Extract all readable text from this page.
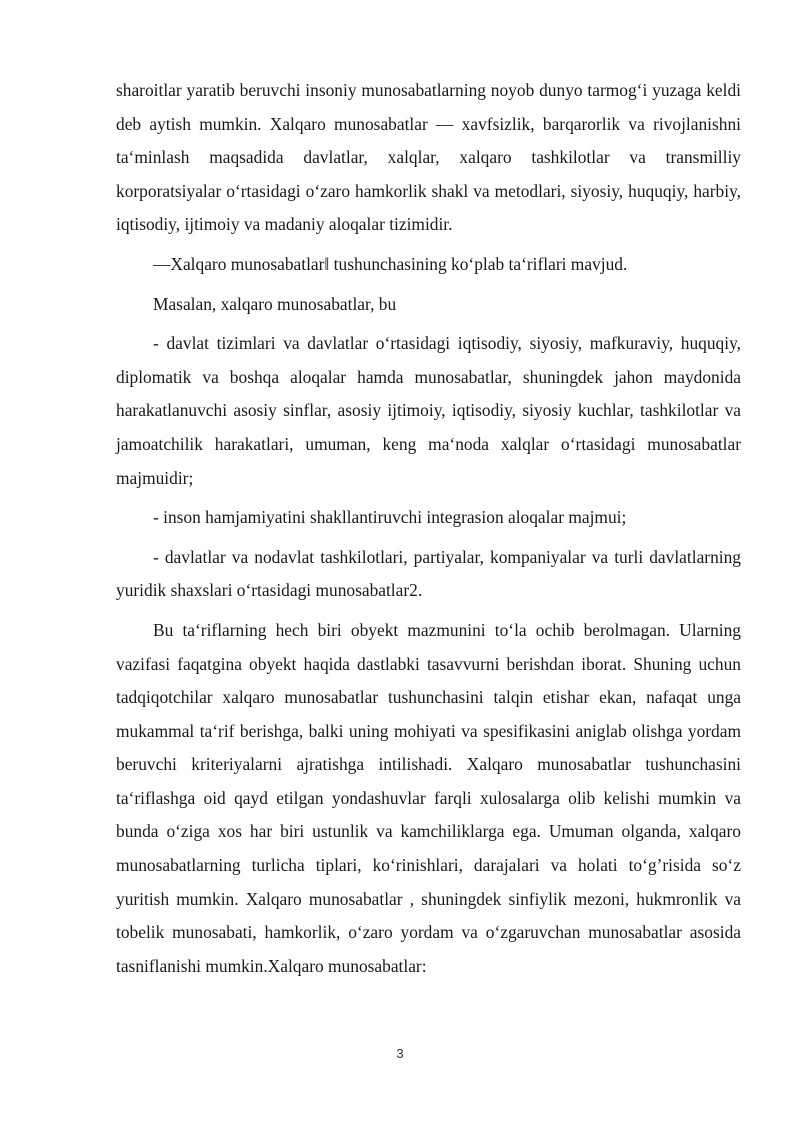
sharoitlar yaratib beruvchi insoniy munosabatlarning noyob dunyo tarmog‘i yuzaga keldi deb aytish mumkin. Xalqaro munosabatlar — xavfsizlik, barqarorlik va rivojlanishni ta‘minlash maqsadida davlatlar, xalqlar, xalqaro tashkilotlar va transmilliy korporatsiyalar o‘rtasidagi o‘zaro hamkorlik shakl va metodlari, siyosiy, huquqiy, harbiy, iqtisodiy, ijtimoiy va madaniy aloqalar tizimidir.

―Xalqaro munosabatlar‖ tushunchasining ko‘plab ta‘riflari mavjud.

Masalan, xalqaro munosabatlar, bu

- davlat tizimlari va davlatlar o‘rtasidagi iqtisodiy, siyosiy, mafkuraviy, huquqiy, diplomatik va boshqa aloqalar hamda munosabatlar, shuningdek jahon maydonida harakatlanuvchi asosiy sinflar, asosiy ijtimoiy, iqtisodiy, siyosiy kuchlar, tashkilotlar va jamoatchilik harakatlari, umuman, keng ma‘noda xalqlar o‘rtasidagi munosabatlar majmuidir;

- inson hamjamiyatini shakllantiruvchi integrasion aloqalar majmui;

- davlatlar va nodavlat tashkilotlari, partiyalar, kompaniyalar va turli davlatlarning yuridik shaxslari o‘rtasidagi munosabatlar2.

Bu ta‘riflarning hech biri obyekt mazmunini to‘la ochib berolmagan. Ularning vazifasi faqatgina obyekt haqida dastlabki tasavvurni berishdan iborat. Shuning uchun tadqiqotchilar xalqaro munosabatlar tushunchasini talqin etishar ekan, nafaqat unga mukammal ta‘rif berishga, balki uning mohiyati va spesifikasini aniglab olishga yordam beruvchi kriteriyalarni ajratishga intilishadi. Xalqaro munosabatlar tushunchasini ta‘riflashga oid qayd etilgan yondashuvlar farqli xulosalarga olib kelishi mumkin va bunda o‘ziga xos har biri ustunlik va kamchiliklarga ega. Umuman olganda, xalqaro munosabatlarning turlicha tiplari, ko‘rinishlari, darajalari va holati to‘g’risida so‘z yuritish mumkin. Xalqaro munosabatlar , shuningdek sinfiylik mezoni, hukmronlik va tobelik munosabati, hamkorlik, o‘zaro yordam va o‘zgaruvchan munosabatlar asosida tasniflanishi mumkin.Xalqaro munosabatlar:

3
